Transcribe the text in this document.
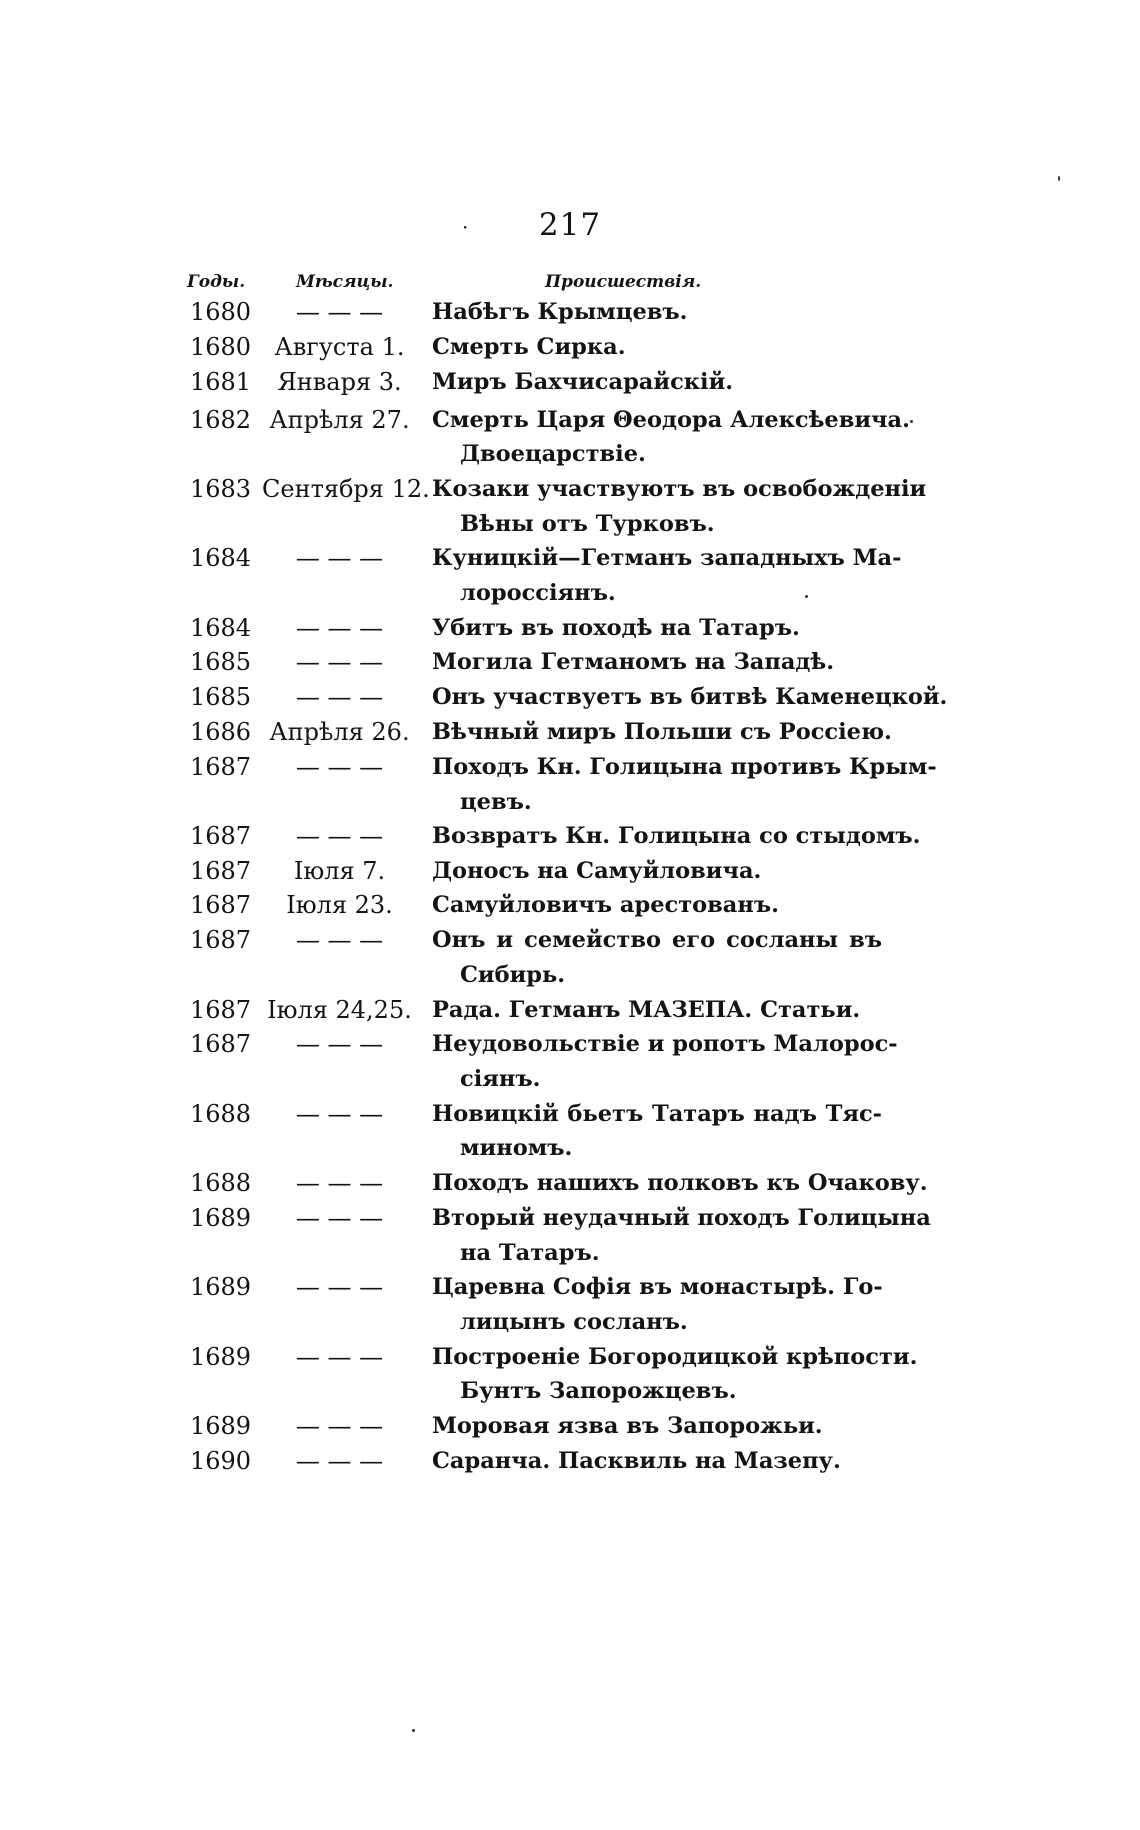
· 217
Годы.	Мѣсяцы.	Происшествія.
1680	— — —	Набѣгъ Крымцевъ.
1680 Августа 1.	Смерть Сирка.
1681	Января 3.	Миръ Бахчисарайскій.
1682 Апрѣля 27. Смерть Царя Θеодора Алексѣевича.
Двоецарствіе.
1683 Сентября 12. Козаки участвуютъ въ освобожденіи
Вѣны отъ Турковъ.
1684	— — —	Куницкій—Гетманъ западныхъ Ма-
лороссіянъ.
1684	— — —	Убитъ въ походѣ на Татаръ.
1685	— — —	Могила Гетманомъ на Западѣ.
1685	— — —	Онъ участвуетъ въ битвѣ Каменецкой.
1686 Апрѣля 26. Вѣчный миръ Польши съ Россіею.
1687	— — —	Походъ Кн. Голицына противъ Крым-
цевъ.
1687	— — —	Возвратъ Кн. Голицына со стыдомъ.
1687	Іюля 7.	Доносъ на Самуйловича.
1687	Іюля 23.	Самуйловичъ арестованъ.
1687	— — —	Онъ и семейство его сосланы въ
Сибирь.
1687 Іюля 24,25. Рада. Гетманъ МАЗЕПА. Статьи.
1687	— — —	Неудовольствіе и ропотъ Малорос-
сіянъ.
1688	— — —	Новицкій бьетъ Татаръ надъ Тяс-
миномъ.
1688	— — —	Походъ нашихъ полковъ къ Очакову.
1689	— — —	Вторый неудачный походъ Голицына
на Татаръ.
1689	— — —	Царевна Софія въ монастырѣ. Го-
лицынъ сосланъ.
1689	— — —	Построеніе Богородицкой крѣпости.
Бунтъ Запорожцевъ.
1689	— — —	Моровая язва въ Запорожьи.
1690	— — —	Саранча. Пасквиль на Мазепу.
